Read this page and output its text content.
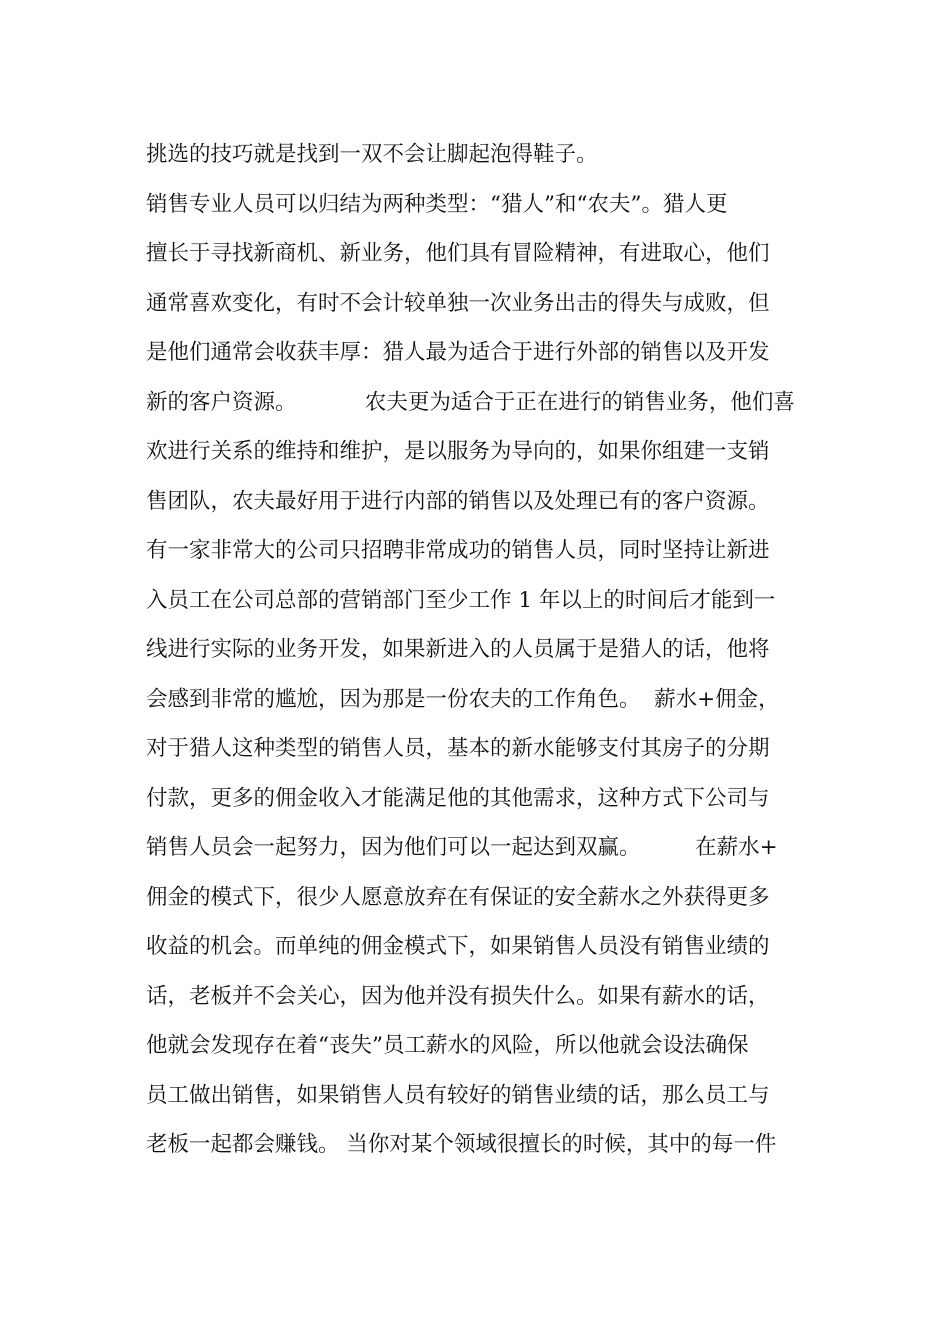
挑选的技巧就是找到一双不会让脚起泡得鞋子。
销售专业人员可以归结为两种类型：“猎人”和“农夫”。猎人更
擅长于寻找新商机、新业务，他们具有冒险精神，有进取心，他们
通常喜欢变化，有时不会计较单独一次业务出击的得失与成败，但
是他们通常会收获丰厚：猎人最为适合于进行外部的销售以及开发
新的客户资源。          农夫更为适合于正在进行的销售业务，他们喜
欢进行关系的维持和维护，是以服务为导向的，如果你组建一支销
售团队，农夫最好用于进行内部的销售以及处理已有的客户资源。
有一家非常大的公司只招聘非常成功的销售人员，同时坚持让新进
入员工在公司总部的营销部门至少工作 1 年以上的时间后才能到一
线进行实际的业务开发，如果新进入的人员属于是猎人的话，他将
会感到非常的尴尬，因为那是一份农夫的工作角色。  薪水+佣金，
对于猎人这种类型的销售人员，基本的新水能够支付其房子的分期
付款，更多的佣金收入才能满足他的其他需求，这种方式下公司与
销售人员会一起努力，因为他们可以一起达到双赢。        在薪水+
佣金的模式下，很少人愿意放弃在有保证的安全薪水之外获得更多
收益的机会。而单纯的佣金模式下，如果销售人员没有销售业绩的
话，老板并不会关心，因为他并没有损失什么。如果有薪水的话，
他就会发现存在着“丧失”员工薪水的风险，所以他就会设法确保
员工做出销售，如果销售人员有较好的销售业绩的话，那么员工与
老板一起都会赚钱。 当你对某个领域很擅长的时候，其中的每一件
